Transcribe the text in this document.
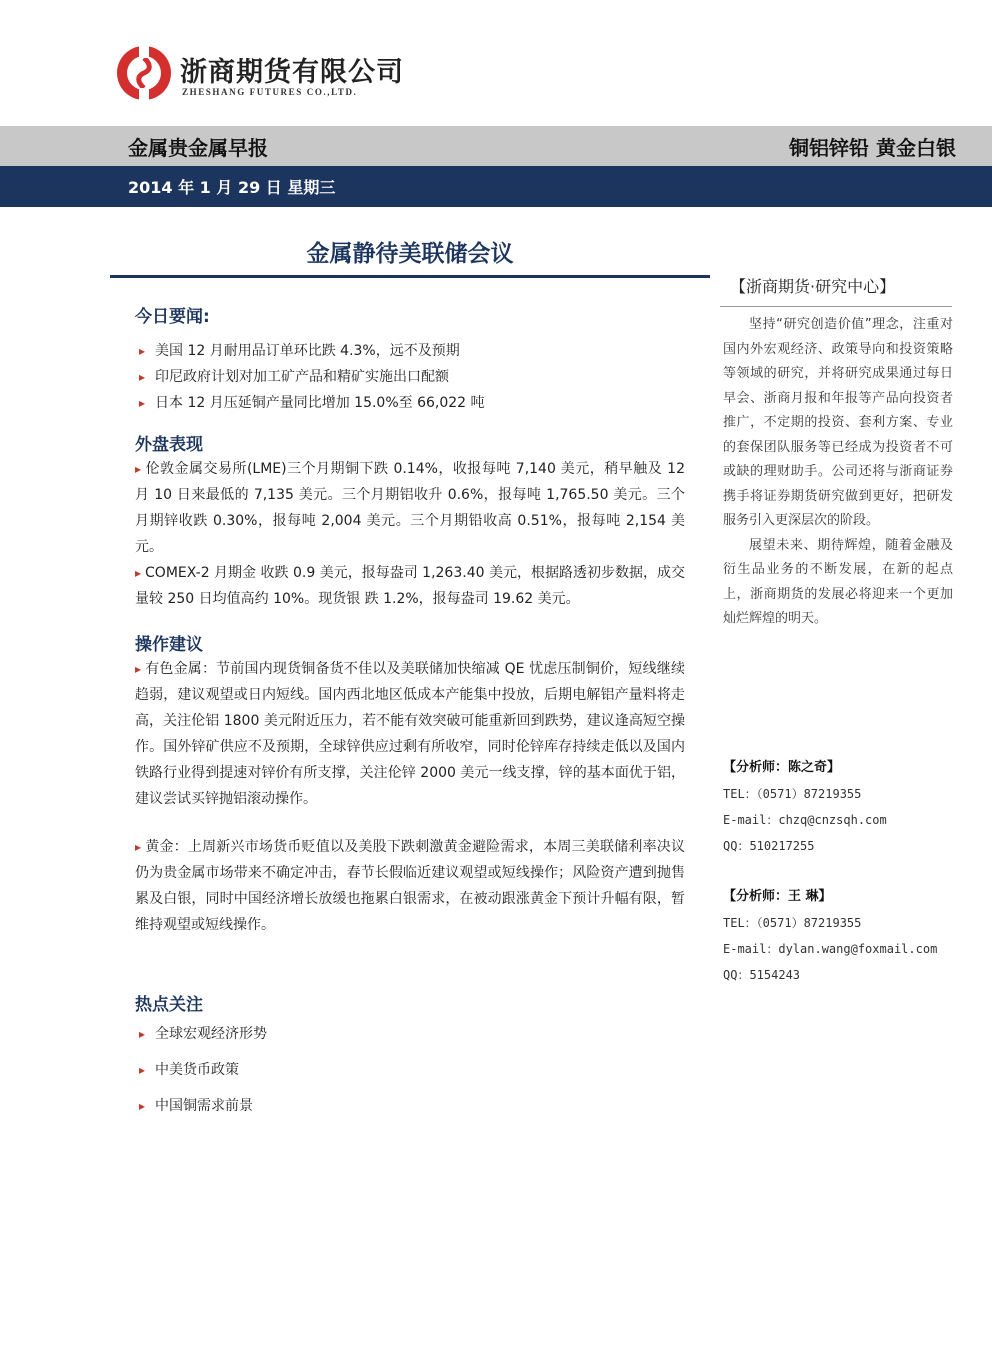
浙商期货有限公司
ZHESHANG FUTURES CO.,LTD.
金属贵金属早报	铜铝锌铅 黄金白银
2014 年 1 月 29 日 星期三
金属静待美联储会议
今日要闻:
▸ 美国 12 月耐用品订单环比跌 4.3%，远不及预期
▸ 印尼政府计划对加工矿产品和精矿实施出口配额
▸ 日本 12 月压延铜产量同比增加 15.0%至 66,022 吨
外盘表现
▸ 伦敦金属交易所(LME)三个月期铜下跌 0.14%，收报每吨 7,140 美元，稍早触及 12 月 10 日来最低的 7,135 美元。三个月期铝收升 0.6%，报每吨 1,765.50 美元。三个月期锌收跌 0.30%，报每吨 2,004 美元。三个月期铅收高 0.51%，报每吨 2,154 美元。
▸ COMEX-2 月期金 收跌 0.9 美元，报每盎司 1,263.40 美元，根据路透初步数据，成交量较 250 日均值高约 10%。现货银 跌 1.2%，报每盎司 19.62 美元。
操作建议
▸ 有色金属：节前国内现货铜备货不佳以及美联储加快缩减 QE 忧虑压制铜价，短线继续趋弱，建议观望或日内短线。国内西北地区低成本产能集中投放，后期电解铝产量料将走高，关注伦铝 1800 美元附近压力，若不能有效突破可能重新回到跌势，建议逢高短空操作。国外锌矿供应不及预期，全球锌供应过剩有所收窄，同时伦锌库存持续走低以及国内铁路行业得到提速对锌价有所支撑，关注伦锌 2000 美元一线支撑，锌的基本面优于铝，建议尝试买锌抛铝滚动操作。
▸ 黄金：上周新兴市场货币贬值以及美股下跌刺激黄金避险需求，本周三美联储利率决议仍为贵金属市场带来不确定冲击，春节长假临近建议观望或短线操作；风险资产遭到抛售累及白银，同时中国经济增长放缓也拖累白银需求，在被动跟涨黄金下预计升幅有限，暂维持观望或短线操作。
热点关注
▸ 全球宏观经济形势
▸ 中美货币政策
▸ 中国铜需求前景
【浙商期货·研究中心】

坚持“研究创造价值”理念，注重对国内外宏观经济、政策导向和投资策略等领域的研究，并将研究成果通过每日早会、浙商月报和年报等产品向投资者推广，不定期的投资、套利方案、专业的套保团队服务等已经成为投资者不可或缺的理财助手。公司还将与浙商证券携手将证券期货研究做到更好，把研发服务引入更深层次的阶段。

展望未来、期待辉煌，随着金融及衍生品业务的不断发展，在新的起点上，浙商期货的发展必将迎来一个更加灿烂辉煌的明天。

【分析师：陈之奇】
TEL：（0571）87219355
E-mail：chzq@cnzsqh.com
QQ：510217255
【分析师：王 琳】
TEL：（0571）87219355
E-mail：dylan.wang@foxmail.com
QQ：5154243
